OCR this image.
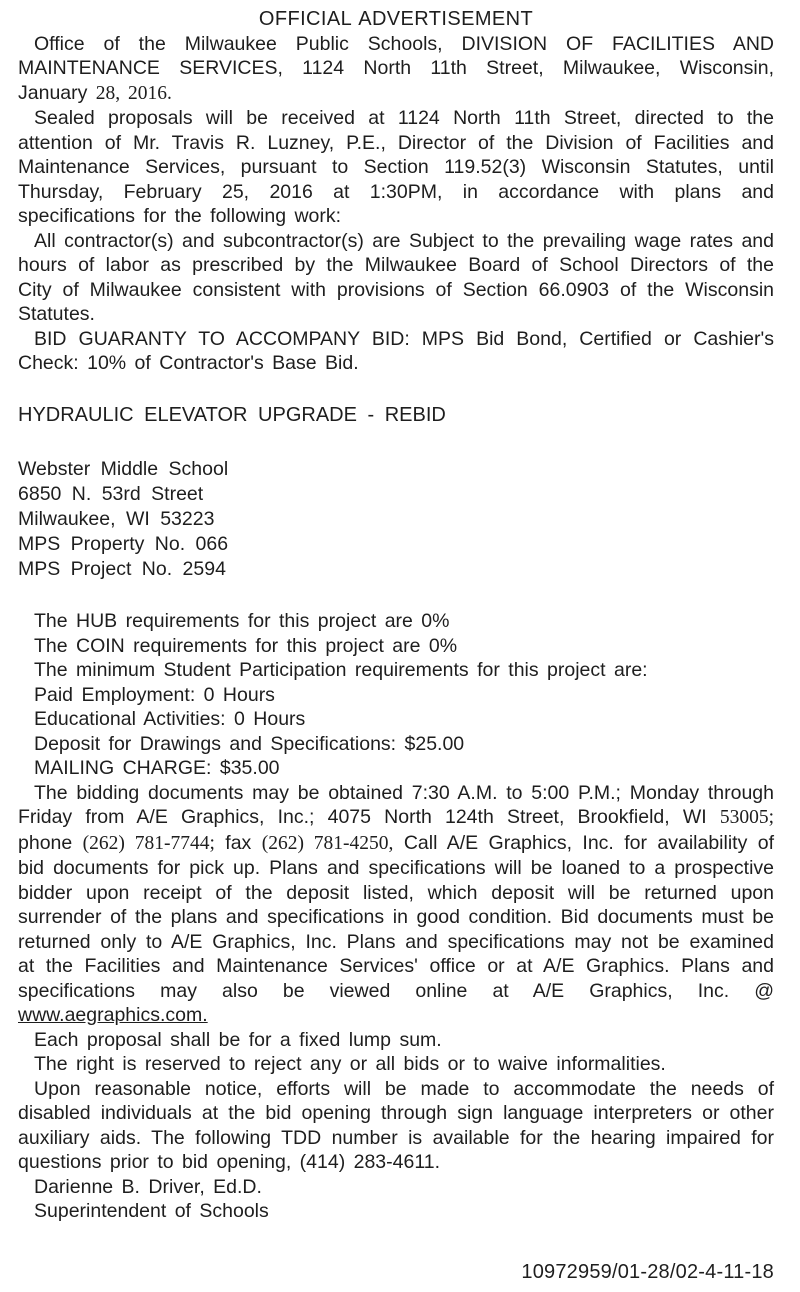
OFFICIAL ADVERTISEMENT

Office of the Milwaukee Public Schools, DIVISION OF FACILITIES AND MAINTENANCE SERVICES, 1124 North 11th Street, Milwaukee, Wisconsin, January 28, 2016.

Sealed proposals will be received at 1124 North 11th Street, directed to the attention of Mr. Travis R. Luzney, P.E., Director of the Division of Facilities and Maintenance Services, pursuant to Section 119.52(3) Wisconsin Statutes, until Thursday, February 25, 2016 at 1:30PM, in accordance with plans and specifications for the following work:

All contractor(s) and subcontractor(s) are Subject to the prevailing wage rates and hours of labor as prescribed by the Milwaukee Board of School Directors of the City of Milwaukee consistent with provisions of Section 66.0903 of the Wisconsin Statutes.

BID GUARANTY TO ACCOMPANY BID: MPS Bid Bond, Certified or Cashier's Check: 10% of Contractor's Base Bid.

HYDRAULIC ELEVATOR UPGRADE - REBID
Webster Middle School
6850 N. 53rd Street
Milwaukee, WI 53223
MPS Property No. 066
MPS Project No. 2594
The HUB requirements for this project are 0%
The COIN requirements for this project are 0%
The minimum Student Participation requirements for this project are:
Paid Employment: 0 Hours
Educational Activities: 0 Hours
Deposit for Drawings and Specifications: $25.00
MAILING CHARGE: $35.00

The bidding documents may be obtained 7:30 A.M. to 5:00 P.M.; Monday through Friday from A/E Graphics, Inc.; 4075 North 124th Street, Brookfield, WI 53005; phone (262) 781-7744; fax (262) 781-4250, Call A/E Graphics, Inc. for availability of bid documents for pick up. Plans and specifications will be loaned to a prospective bidder upon receipt of the deposit listed, which deposit will be returned upon surrender of the plans and specifications in good condition. Bid documents must be returned only to A/E Graphics, Inc. Plans and specifications may not be examined at the Facilities and Maintenance Services' office or at A/E Graphics. Plans and specifications may also be viewed online at A/E Graphics, Inc. @ www.aegraphics.com.

Each proposal shall be for a fixed lump sum.

The right is reserved to reject any or all bids or to waive informalities.

Upon reasonable notice, efforts will be made to accommodate the needs of disabled individuals at the bid opening through sign language interpreters or other auxiliary aids. The following TDD number is available for the hearing impaired for questions prior to bid opening, (414) 283-4611.

Darienne B. Driver, Ed.D.
Superintendent of Schools
10972959/01-28/02-4-11-18
